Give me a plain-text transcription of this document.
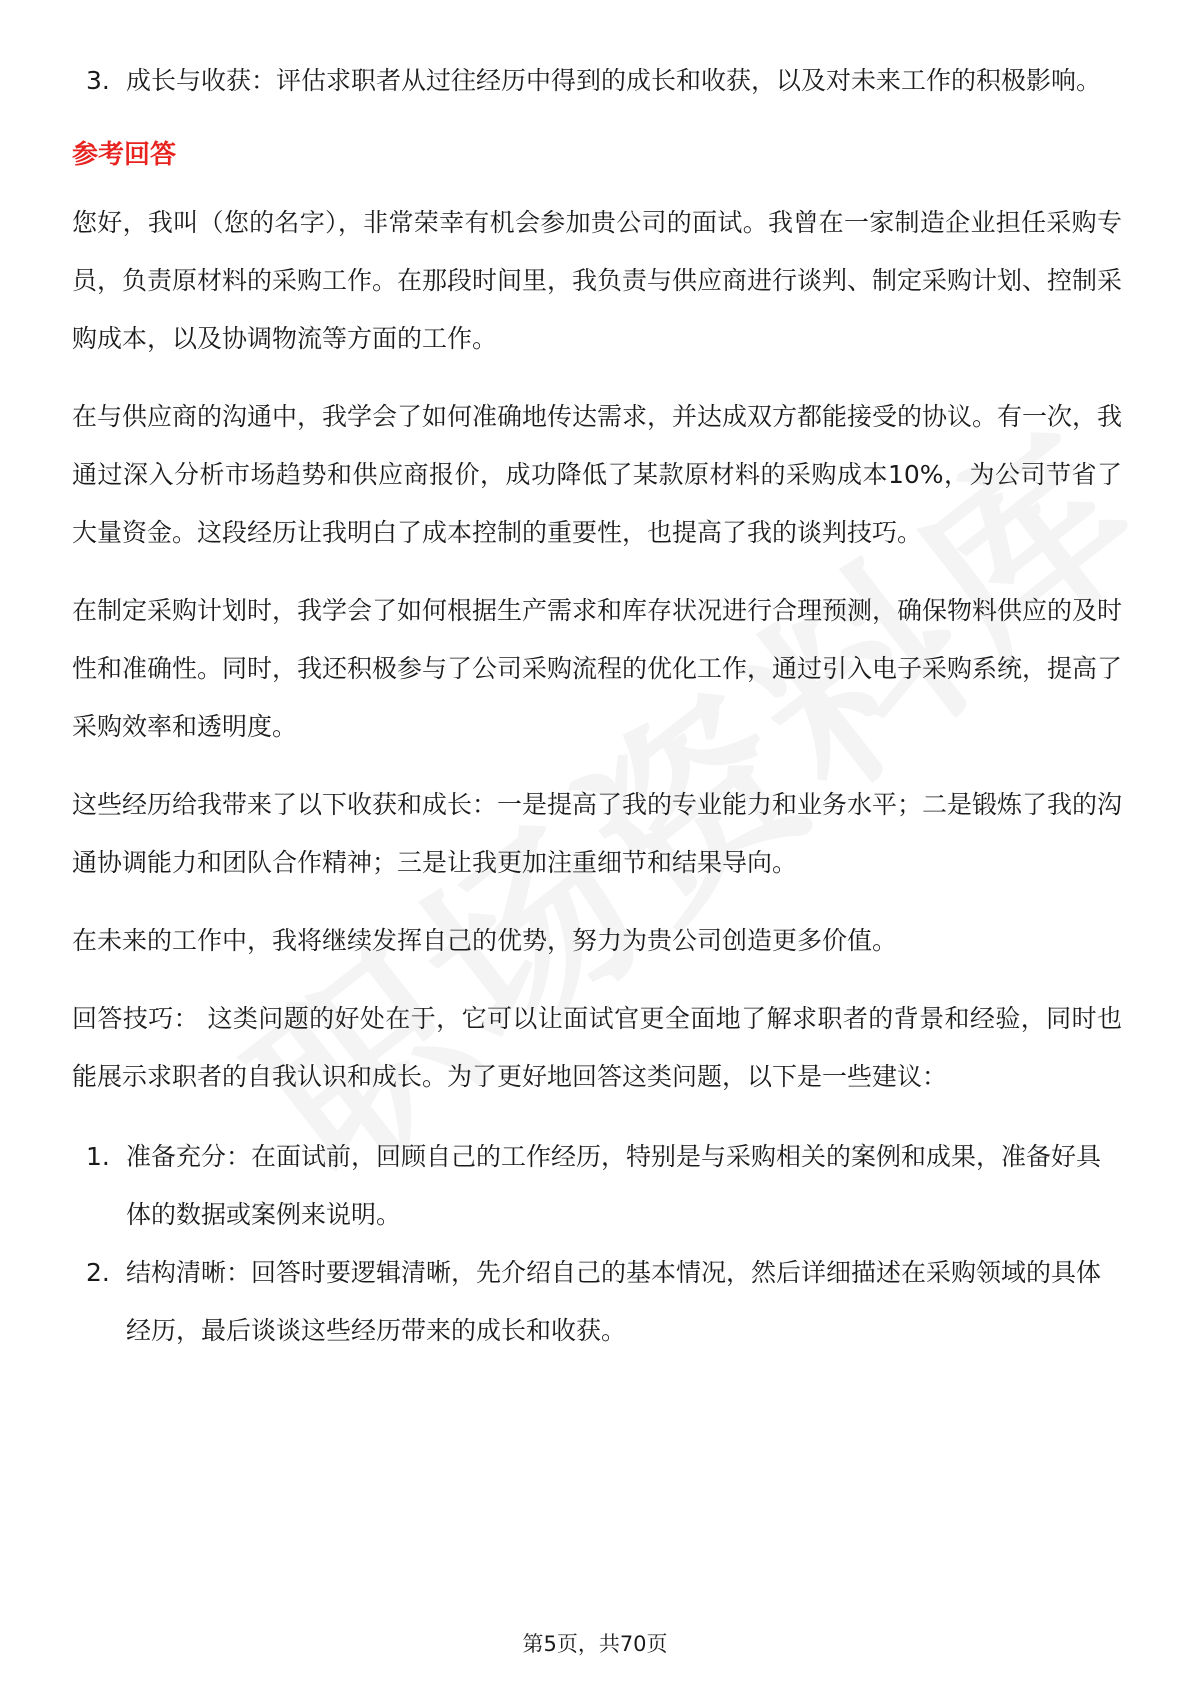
3. 成长与收获：评估求职者从过往经历中得到的成长和收获，以及对未来工作的积极影响。
参考回答

您好，我叫（您的名字），非常荣幸有机会参加贵公司的面试。我曾在一家制造企业担任采购专员，负责原材料的采购工作。在那段时间里，我负责与供应商进行谈判、制定采购计划、控制采购成本，以及协调物流等方面的工作。

在与供应商的沟通中，我学会了如何准确地传达需求，并达成双方都能接受的协议。有一次，我通过深入分析市场趋势和供应商报价，成功降低了某款原材料的采购成本10%，为公司节省了大量资金。这段经历让我明白了成本控制的重要性，也提高了我的谈判技巧。

在制定采购计划时，我学会了如何根据生产需求和库存状况进行合理预测，确保物料供应的及时性和准确性。同时，我还积极参与了公司采购流程的优化工作，通过引入电子采购系统，提高了采购效率和透明度。

这些经历给我带来了以下收获和成长：一是提高了我的专业能力和业务水平；二是锻炼了我的沟通协调能力和团队合作精神；三是让我更加注重细节和结果导向。

在未来的工作中，我将继续发挥自己的优势，努力为贵公司创造更多价值。

回答技巧： 这类问题的好处在于，它可以让面试官更全面地了解求职者的背景和经验，同时也能展示求职者的自我认识和成长。为了更好地回答这类问题，以下是一些建议：

1. 准备充分：在面试前，回顾自己的工作经历，特别是与采购相关的案例和成果，准备好具体的数据或案例来说明。
2. 结构清晰：回答时要逻辑清晰，先介绍自己的基本情况，然后详细描述在采购领域的具体经历，最后谈谈这些经历带来的成长和收获。
第5页，共70页
